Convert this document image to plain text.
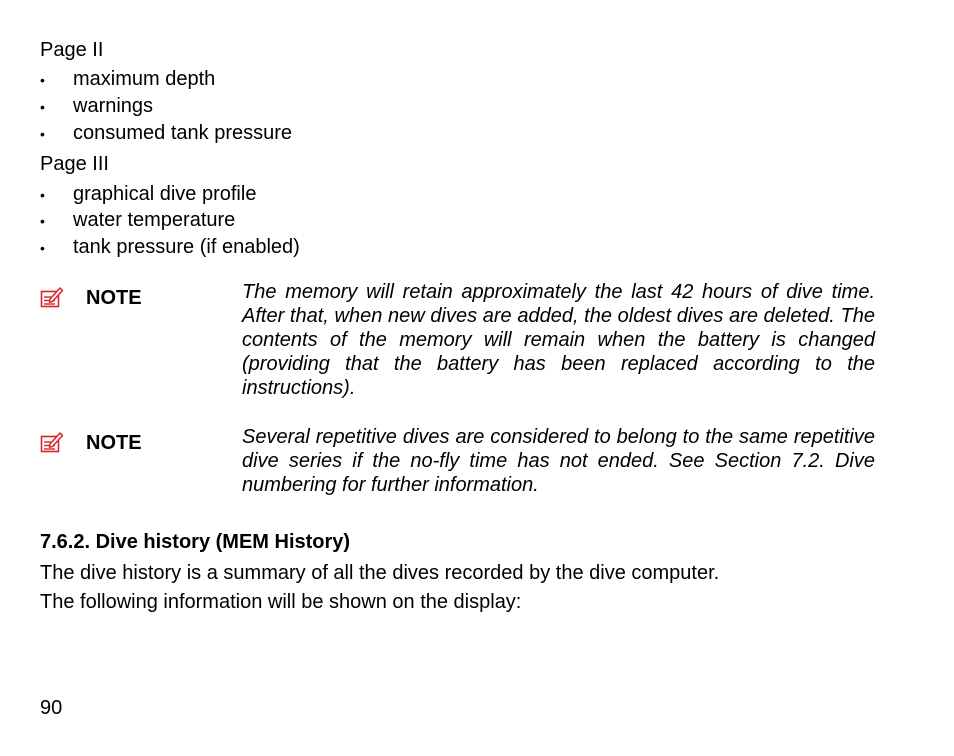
Page II
• maximum depth
• warnings
• consumed tank pressure
Page III
• graphical dive profile
• water temperature
• tank pressure (if enabled)
NOTE	The memory will retain approximately the last 42 hours of dive time. After that, when new dives are added, the oldest dives are deleted. The contents of the memory will remain when the battery is changed (providing that the battery has been replaced according to the instructions).
NOTE	Several repetitive dives are considered to belong to the same repetitive dive series if the no-fly time has not ended. See Section 7.2. Dive numbering for further information.
7.6.2. Dive history (MEM History)
The dive history is a summary of all the dives recorded by the dive computer.
The following information will be shown on the display:
90
